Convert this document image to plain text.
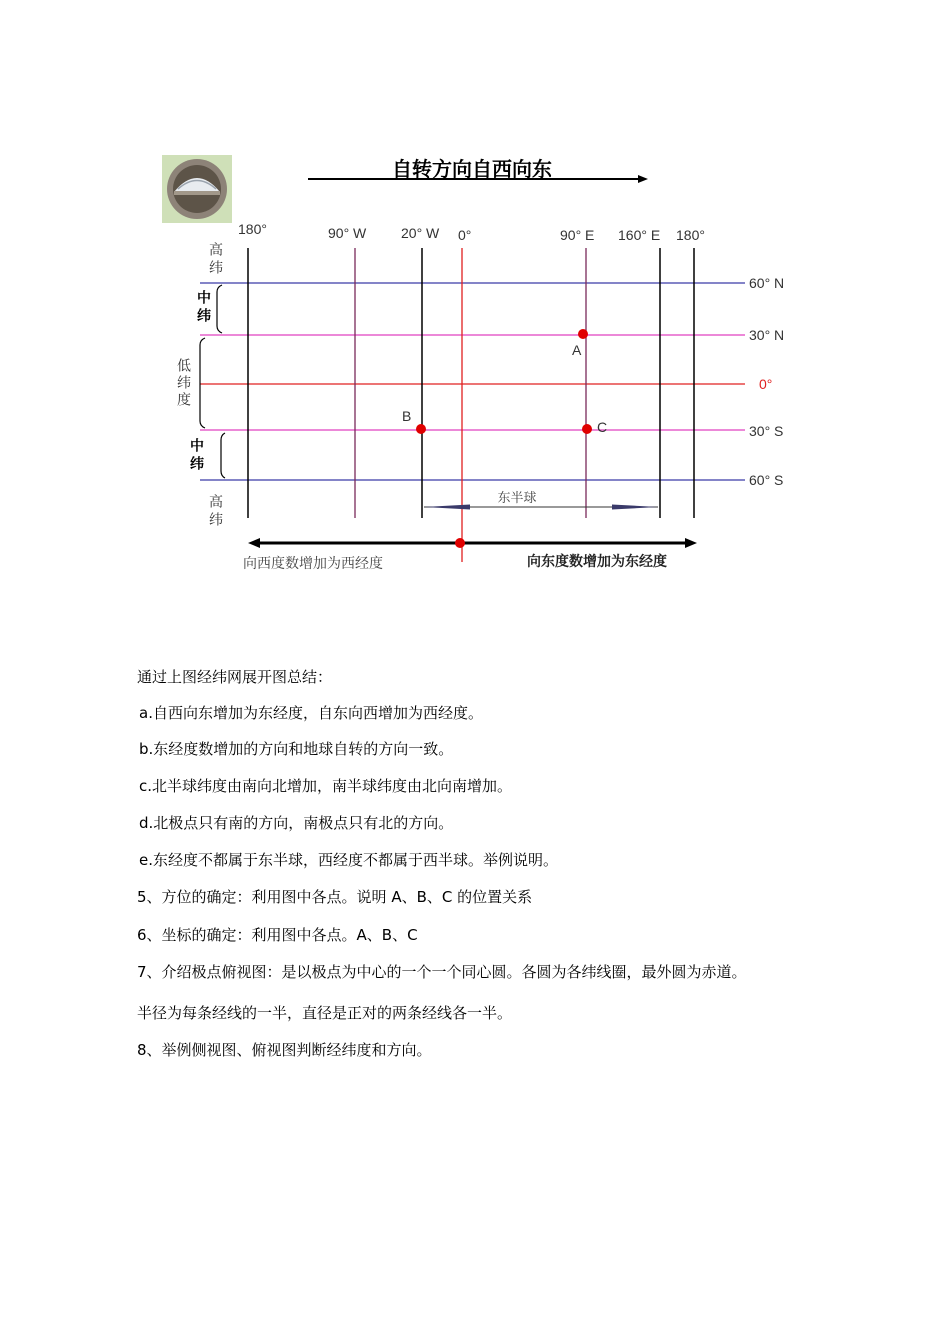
自转方向自西向东
180°	90° W 20° W 0°	90° E 160° E 180°
60° N
30° N
0°
30° S
60° S
高纬
中纬
低纬度
中纬
高纬
A
B
C
东半球
向西度数增加为西经度	向东度数增加为东经度
通过上图经纬网展开图总结：
a.自西向东增加为东经度，自东向西增加为西经度。
b.东经度数增加的方向和地球自转的方向一致。
c.北半球纬度由南向北增加，南半球纬度由北向南增加。
d.北极点只有南的方向，南极点只有北的方向。
e.东经度不都属于东半球，西经度不都属于西半球。举例说明。
5、方位的确定：利用图中各点。说明 A、B、C 的位置关系
6、坐标的确定：利用图中各点。A、B、C
7、介绍极点俯视图：是以极点为中心的一个一个同心圆。各圆为各纬线圈，最外圆为赤道。
半径为每条经线的一半，直径是正对的两条经线各一半。
8、举例侧视图、俯视图判断经纬度和方向。
